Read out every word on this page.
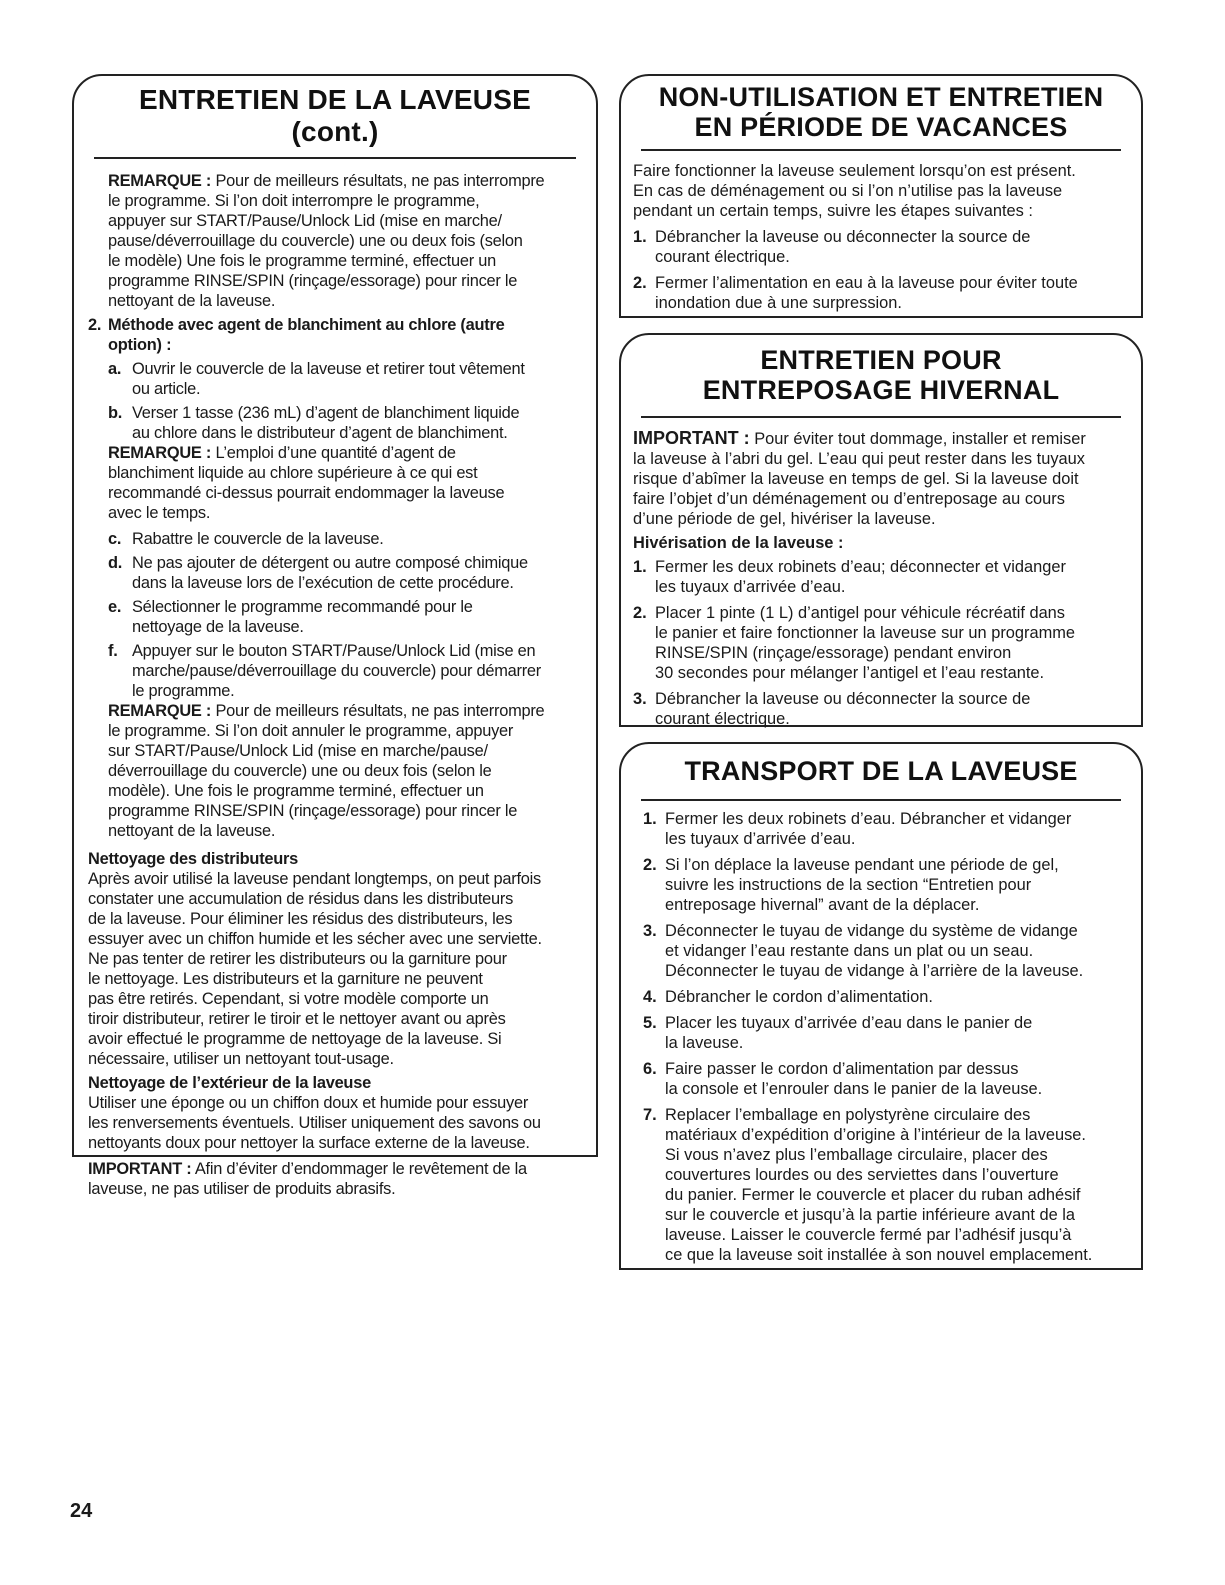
ENTRETIEN DE LA LAVEUSE (cont.)

REMARQUE : Pour de meilleurs résultats, ne pas interrompre
le programme. Si l’on doit interrompre le programme,
appuyer sur START/Pause/Unlock Lid (mise en marche/
pause/déverrouillage du couvercle) une ou deux fois (selon
le modèle) Une fois le programme terminé, effectuer un
programme RINSE/SPIN (rinçage/essorage) pour rincer le
nettoyant de la laveuse.

2. Méthode avec agent de blanchiment au chlore (autre
option) :
a. Ouvrir le couvercle de la laveuse et retirer tout vêtement
ou article.
b. Verser 1 tasse (236 mL) d’agent de blanchiment liquide
au chlore dans le distributeur d’agent de blanchiment.

REMARQUE : L’emploi d’une quantité d’agent de
blanchiment liquide au chlore supérieure à ce qui est
recommandé ci-dessus pourrait endommager la laveuse
avec le temps.

c. Rabattre le couvercle de la laveuse.
d. Ne pas ajouter de détergent ou autre composé chimique
dans la laveuse lors de l’exécution de cette procédure.
e. Sélectionner le programme recommandé pour le
nettoyage de la laveuse.
f. Appuyer sur le bouton START/Pause/Unlock Lid (mise en
marche/pause/déverrouillage du couvercle) pour démarrer
le programme.

REMARQUE : Pour de meilleurs résultats, ne pas interrompre
le programme. Si l’on doit annuler le programme, appuyer
sur START/Pause/Unlock Lid (mise en marche/pause/
déverrouillage du couvercle) une ou deux fois (selon le
modèle). Une fois le programme terminé, effectuer un
programme RINSE/SPIN (rinçage/essorage) pour rincer le
nettoyant de la laveuse.

Nettoyage des distributeurs

Après avoir utilisé la laveuse pendant longtemps, on peut parfois
constater une accumulation de résidus dans les distributeurs
de la laveuse. Pour éliminer les résidus des distributeurs, les
essuyer avec un chiffon humide et les sécher avec une serviette.
Ne pas tenter de retirer les distributeurs ou la garniture pour
le nettoyage. Les distributeurs et la garniture ne peuvent
pas être retirés. Cependant, si votre modèle comporte un
tiroir distributeur, retirer le tiroir et le nettoyer avant ou après
avoir effectué le programme de nettoyage de la laveuse. Si
nécessaire, utiliser un nettoyant tout-usage.

Nettoyage de l’extérieur de la laveuse

Utiliser une éponge ou un chiffon doux et humide pour essuyer
les renversements éventuels. Utiliser uniquement des savons ou
nettoyants doux pour nettoyer la surface externe de la laveuse.

IMPORTANT : Afin d’éviter d’endommager le revêtement de la
laveuse, ne pas utiliser de produits abrasifs.

NON-UTILISATION ET ENTRETIEN
EN PÉRIODE DE VACANCES

Faire fonctionner la laveuse seulement lorsqu’on est présent.
En cas de déménagement ou si l’on n’utilise pas la laveuse
pendant un certain temps, suivre les étapes suivantes :

1. Débrancher la laveuse ou déconnecter la source de
courant électrique.
2. Fermer l’alimentation en eau à la laveuse pour éviter toute
inondation due à une surpression.
ENTRETIEN POUR
ENTREPOSAGE HIVERNAL

IMPORTANT : Pour éviter tout dommage, installer et remiser
la laveuse à l’abri du gel. L’eau qui peut rester dans les tuyaux
risque d’abîmer la laveuse en temps de gel. Si la laveuse doit
faire l’objet d’un déménagement ou d’entreposage au cours
d’une période de gel, hivériser la laveuse.

Hivérisation de la laveuse :

1. Fermer les deux robinets d’eau; déconnecter et vidanger
les tuyaux d’arrivée d’eau.
2. Placer 1 pinte (1 L) d’antigel pour véhicule récréatif dans
le panier et faire fonctionner la laveuse sur un programme
RINSE/SPIN (rinçage/essorage) pendant environ
30 secondes pour mélanger l’antigel et l’eau restante.
3. Débrancher la laveuse ou déconnecter la source de
courant électrique.
TRANSPORT DE LA LAVEUSE
1. Fermer les deux robinets d’eau. Débrancher et vidanger
les tuyaux d’arrivée d’eau.
2. Si l’on déplace la laveuse pendant une période de gel,
suivre les instructions de la section “Entretien pour
entreposage hivernal” avant de la déplacer.
3. Déconnecter le tuyau de vidange du système de vidange
et vidanger l’eau restante dans un plat ou un seau.
Déconnecter le tuyau de vidange à l’arrière de la laveuse.
4. Débrancher le cordon d’alimentation.
5. Placer les tuyaux d’arrivée d’eau dans le panier de
la laveuse.
6. Faire passer le cordon d’alimentation par dessus
la console et l’enrouler dans le panier de la laveuse.
7. Replacer l’emballage en polystyrène circulaire des
matériaux d’expédition d’origine à l’intérieur de la laveuse.
Si vous n’avez plus l’emballage circulaire, placer des
couvertures lourdes ou des serviettes dans l’ouverture
du panier. Fermer le couvercle et placer du ruban adhésif
sur le couvercle et jusqu’à la partie inférieure avant de la
laveuse. Laisser le couvercle fermé par l’adhésif jusqu’à
ce que la laveuse soit installée à son nouvel emplacement.
24
